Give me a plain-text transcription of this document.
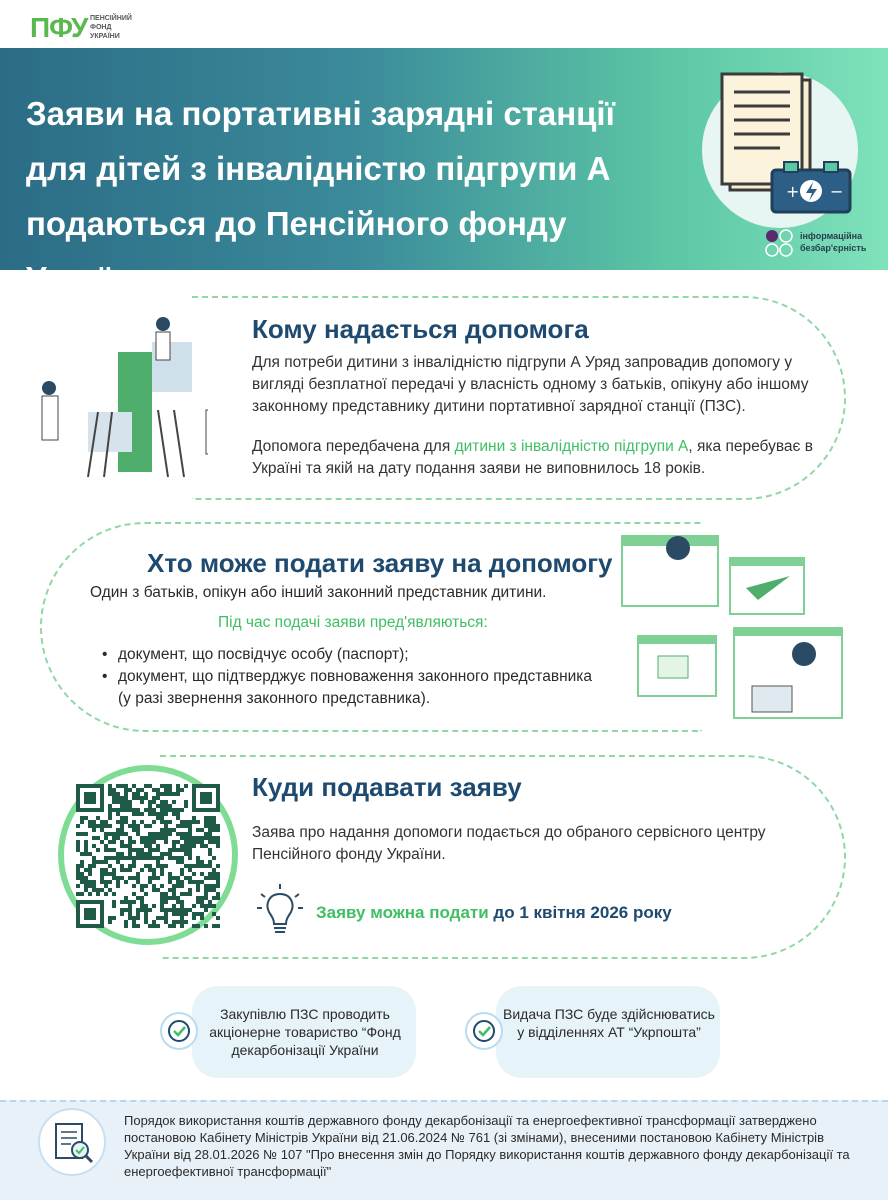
ПФУ ПЕНСІЙНИЙ
ФОНД
УКРАЇНИ
Заяви на портативні зарядні станції
для дітей з інвалідністю підгрупи А
подаються до Пенсійного фонду України
+ −
інформаційна
безбар'єрність
Кому надається допомога
Для потреби дитини з інвалідністю підгрупи А Уряд запровадив допомогу у вигляді безплатної передачі у власність одному з батьків, опікуну або іншому законному представнику дитини портативної зарядної станції (ПЗС).
Допомога передбачена для дитини з інвалідністю підгрупи А, яка перебуває в Україні та якій на дату подання заяви не виповнилось 18 років.
Хто може подати заяву на допомогу
Один з батьків, опікун або інший законний представник дитини.
Під час подачі заяви пред'являються:
• документ, що посвідчує особу (паспорт);
• документ, що підтверджує повноваження законного представника (у разі звернення законного представника).
Куди подавати заяву
Заява про надання допомоги подається до обраного сервісного центру Пенсійного фонду України.
Заяву можна подати до 1 квітня 2026 року
Закупівлю ПЗС проводить акціонерне товариство “Фонд декарбонізації України
Видача ПЗС буде здійснюватись у відділеннях АТ “Укрпошта”
Порядок використання коштів державного фонду декарбонізації та енергоефективної трансформації затверджено постановою Кабінету Міністрів України від 21.06.2024 № 761 (зі змінами), внесеними постановою Кабінету Міністрів України від 28.01.2026 № 107 "Про внесення змін до Порядку використання коштів державного фонду декарбонізації та енергоефективної трансформації"
